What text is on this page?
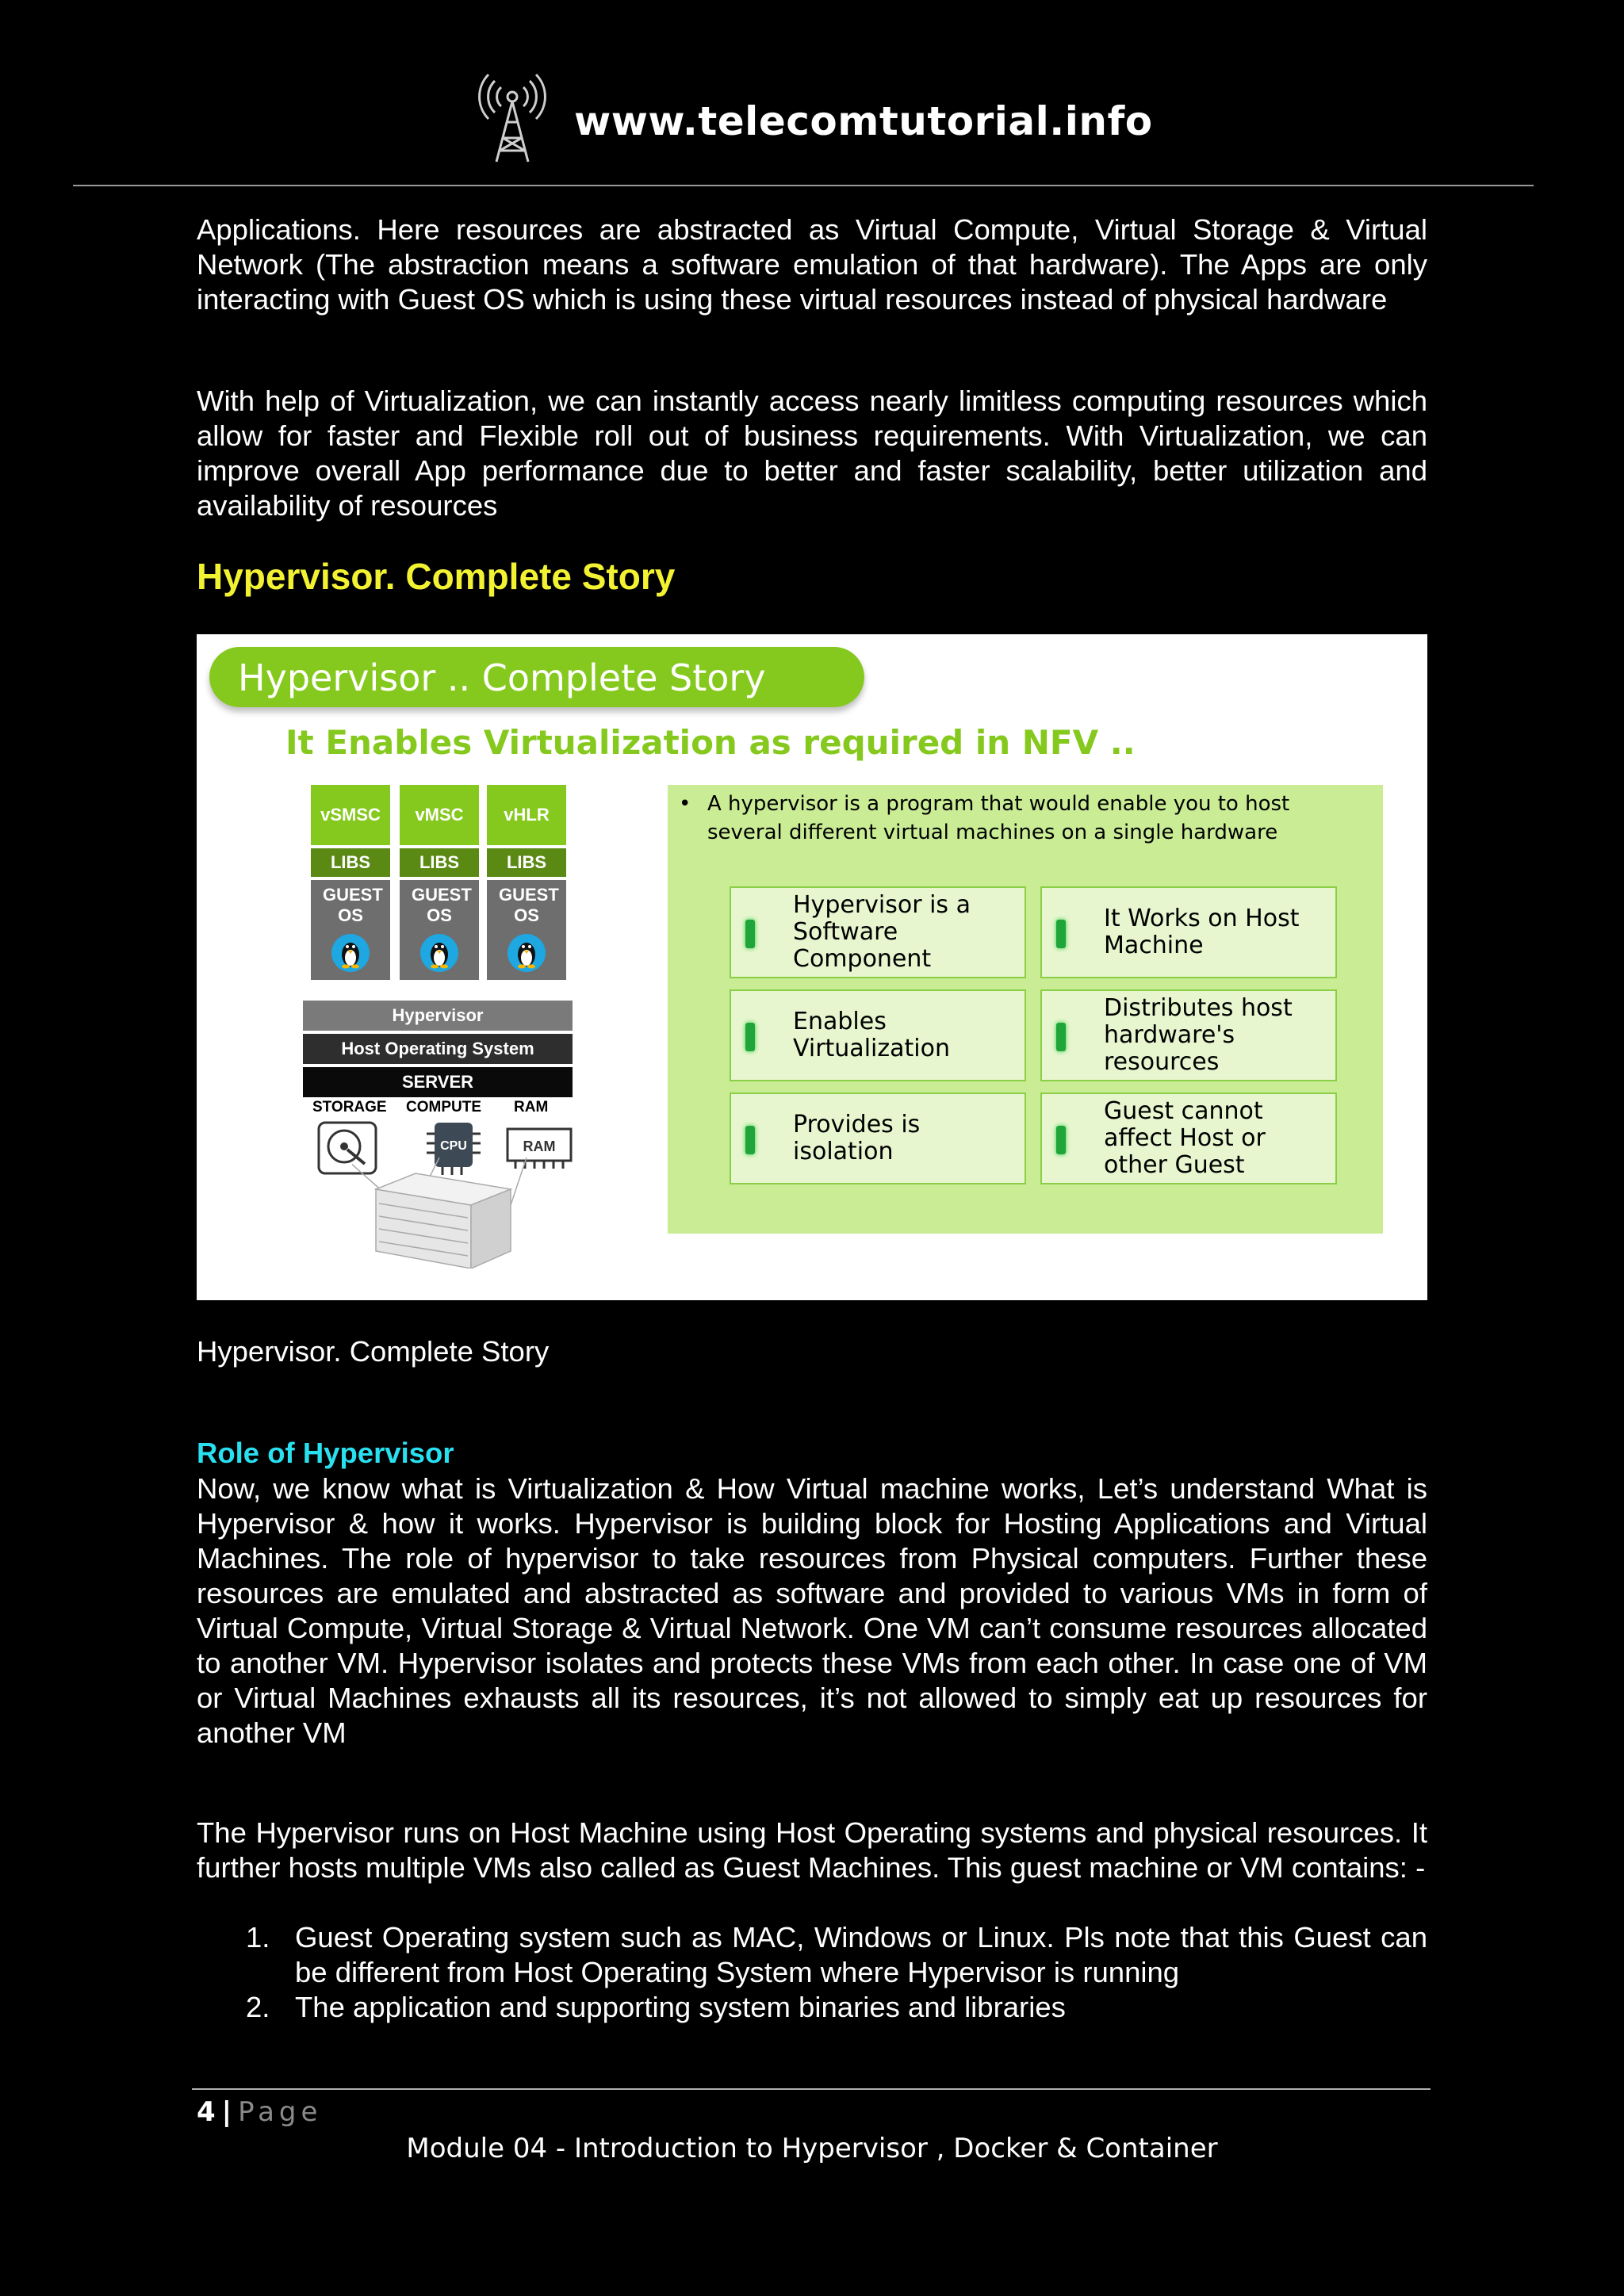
www.telecomtutorial.info

Applications. Here resources are abstracted as Virtual Compute, Virtual Storage & Virtual Network (The abstraction means a software emulation of that hardware). The Apps are only interacting with Guest OS which is using these virtual resources instead of physical hardware

With help of Virtualization, we can instantly access nearly limitless computing resources which allow for faster and Flexible roll out of business requirements. With Virtualization, we can improve overall App performance due to better and faster scalability, better utilization and availability of resources

Hypervisor. Complete Story
Hypervisor .. Complete Story
It Enables Virtualization as required in NFV ..
vSMSC
LIBS
GUEST OS
vMSC
LIBS
GUEST OS
vHLR
LIBS
GUEST OS
Hypervisor
Host Operating System
SERVER
STORAGE COMPUTE RAM
CPU	RAM
• A hypervisor is a program that would enable you to host several different virtual machines on a single hardware
Hypervisor is a Software Component
It Works on Host Machine
Enables Virtualization
Distributes host hardware's resources
Provides is isolation
Guest cannot affect Host or other Guest
Hypervisor. Complete Story
Role of Hypervisor

Now, we know what is Virtualization & How Virtual machine works, Let’s understand What is Hypervisor & how it works. Hypervisor is building block for Hosting Applications and Virtual Machines. The role of hypervisor to take resources from Physical computers. Further these resources are emulated and abstracted as software and provided to various VMs in form of Virtual Compute, Virtual Storage & Virtual Network. One VM can’t consume resources allocated to another VM. Hypervisor isolates and protects these VMs from each other. In case one of VM or Virtual Machines exhausts all its resources, it’s not allowed to simply eat up resources for another VM

The Hypervisor runs on Host Machine using Host Operating systems and physical resources. It further hosts multiple VMs also called as Guest Machines. This guest machine or VM contains: -

1. Guest Operating system such as MAC, Windows or Linux. Pls note that this Guest can be different from Host Operating System where Hypervisor is running
2. The application and supporting system binaries and libraries
4 | Page
Module 04 - Introduction to Hypervisor , Docker & Container
